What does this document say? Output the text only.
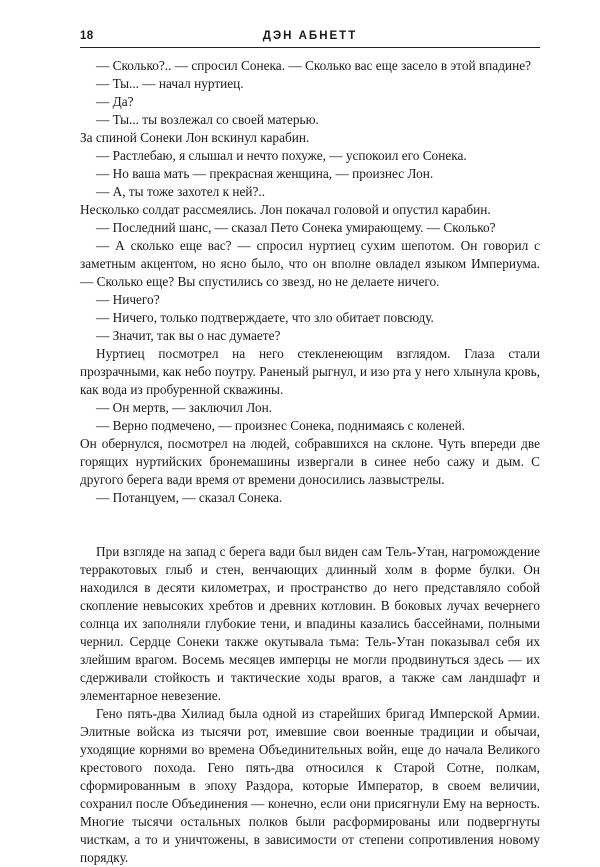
18	ДЭН АБНЕТТ

— Сколько?.. — спросил Сонека. — Сколько вас еще засело в этой впадине?

— Ты... — начал нуртиец.

— Да?

— Ты... ты возлежал со своей матерью.

За спиной Сонеки Лон вскинул карабин.

— Растлебаю, я слышал и нечто похуже, — успокоил его Сонека.

— Но ваша мать — прекрасная женщина, — произнес Лон.

— А, ты тоже захотел к ней?..

Несколько солдат рассмеялись. Лон покачал головой и опустил карабин.

— Последний шанс, — сказал Пето Сонека умирающему. — Сколько?

— А сколько еще вас? — спросил нуртиец сухим шепотом. Он говорил с заметным акцентом, но ясно было, что он вполне овладел языком Империума. — Сколько еще? Вы спустились со звезд, но не делаете ничего.

— Ничего?

— Ничего, только подтверждаете, что зло обитает повсюду.

— Значит, так вы о нас думаете?

Нуртиец посмотрел на него стекленеющим взглядом. Глаза стали прозрачными, как небо поутру. Раненый рыгнул, и изо рта у него хлынула кровь, как вода из пробуренной скважины.

— Он мертв, — заключил Лон.

— Верно подмечено, — произнес Сонека, поднимаясь с коленей.

Он обернулся, посмотрел на людей, собравшихся на склоне. Чуть впереди две горящих нуртийских бронемашины извергали в синее небо сажу и дым. С другого берега вади время от времени доносились лазвыстрелы.

— Потанцуем, — сказал Сонека.

При взгляде на запад с берега вади был виден сам Тель-Утан, нагромождение терракотовых глыб и стен, венчающих длинный холм в форме булки. Он находился в десяти километрах, и пространство до него представляло собой скопление невысоких хребтов и древних котловин. В боковых лучах вечернего солнца их заполняли глубокие тени, и впадины казались бассейнами, полными чернил. Сердце Сонеки также окутывала тьма: Тель-Утан показывал себя их злейшим врагом. Восемь месяцев имперцы не могли продвинуться здесь — их сдерживали стойкость и тактические ходы врагов, а также сам ландшафт и элементарное невезение.

Гено пять-два Хилиад была одной из старейших бригад Имперской Армии. Элитные войска из тысячи рот, имевшие свои военные традиции и обычаи, уходящие корнями во времена Объединительных войн, еще до начала Великого крестового похода. Гено пять-два относился к Старой Сотне, полкам, сформированным в эпоху Раздора, которые Император, в своем величии, сохранил после Объединения — конечно, если они присягнули Ему на верность. Многие тысячи остальных полков были расформированы или подвергнуты чисткам, а то и уничтожены, в зависимости от степени сопротивления новому порядку.
